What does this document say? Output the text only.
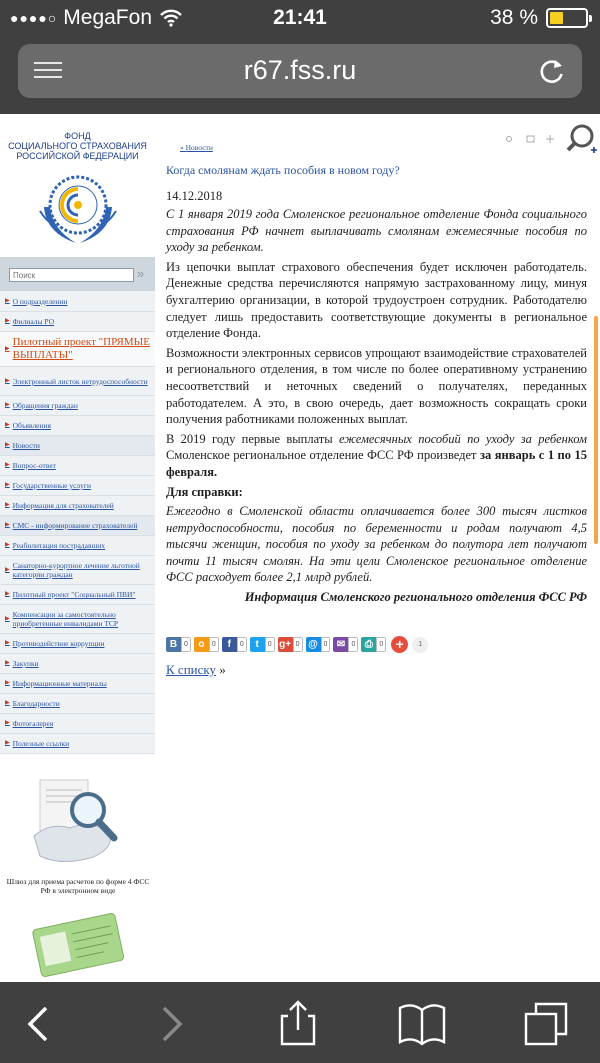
●●●●○ MegaFon	21:41	38 %
r67.fss.ru
ФОНД
СОЦИАЛЬНОГО СТРАХОВАНИЯ
РОССИЙСКОЙ ФЕДЕРАЦИИ
Поиск
»
▶ О подразделении
▶ Филиалы РО
▶
Пилотный проект "ПРЯМЫЕ ВЫПЛАТЫ"
▶ Электронный листок нетрудоспособности
▶ Обращения граждан
▶ Объявления
▶ Новости
▶ Вопрос-ответ
▶ Государственные услуги
▶ Информация для страхователей
▶ СМС - информирование страхователей
▶ Реабилитация пострадавших
▶ Санаторно-курортное лечение льготной категории граждан
▶ Пилотный проект "Социальный ПВИ"
▶ Компенсация за самостоятельно приобретенные инвалидами ТСР
▶ Противодействие коррупции
▶ Закупки
▶ Информационные материалы
▶ Благодарности
▶ Фотогалерея
▶ Полезные ссылки
Шлюз для приема расчетов по форме 4 ФСС РФ в электронном виде
» Новости
Когда смолянам ждать пособия в новом году?
14.12.2018

С 1 января 2019 года Смоленское региональное отделение Фонда социального страхования РФ начнет выплачивать смолянам ежемесячные пособия по уходу за ребенком.

Из цепочки выплат страхового обеспечения будет исключен работодатель. Денежные средства перечисляются напрямую застрахованному лицу, минуя бухгалтерию организации, в которой трудоустроен сотрудник. Работодателю следует лишь предоставить соответствующие документы в региональное отделение Фонда.

Возможности электронных сервисов упрощают взаимодействие страхователей и регионального отделения, в том числе по более оперативному устранению несоответствий и неточных сведений о получателях, переданных работодателем. А это, в свою очередь, дает возможность сокращать сроки получения работниками положенных выплат.

В 2019 году первые выплаты ежемесячных пособий по уходу за ребенком Смоленское региональное отделение ФСС РФ произведет за январь с 1 по 15 февраля.

Для справки:

Ежегодно в Смоленской области оплачивается более 300 тысяч листков нетрудоспособности, пособия по беременности и родам получают 4,5 тысячи женщин, пособия по уходу за ребенком до полутора лет получают почти 11 тысяч смолян. На эти цели Смоленское региональное отделение ФСС расходует более 2,1 млрд рублей.

Информация Смоленского регионального отделения ФСС РФ

В 0	о	0	f	0	t	0 g+ 0 @ 0 ✉ 0 ⎙ 0 +	1
К списку »
